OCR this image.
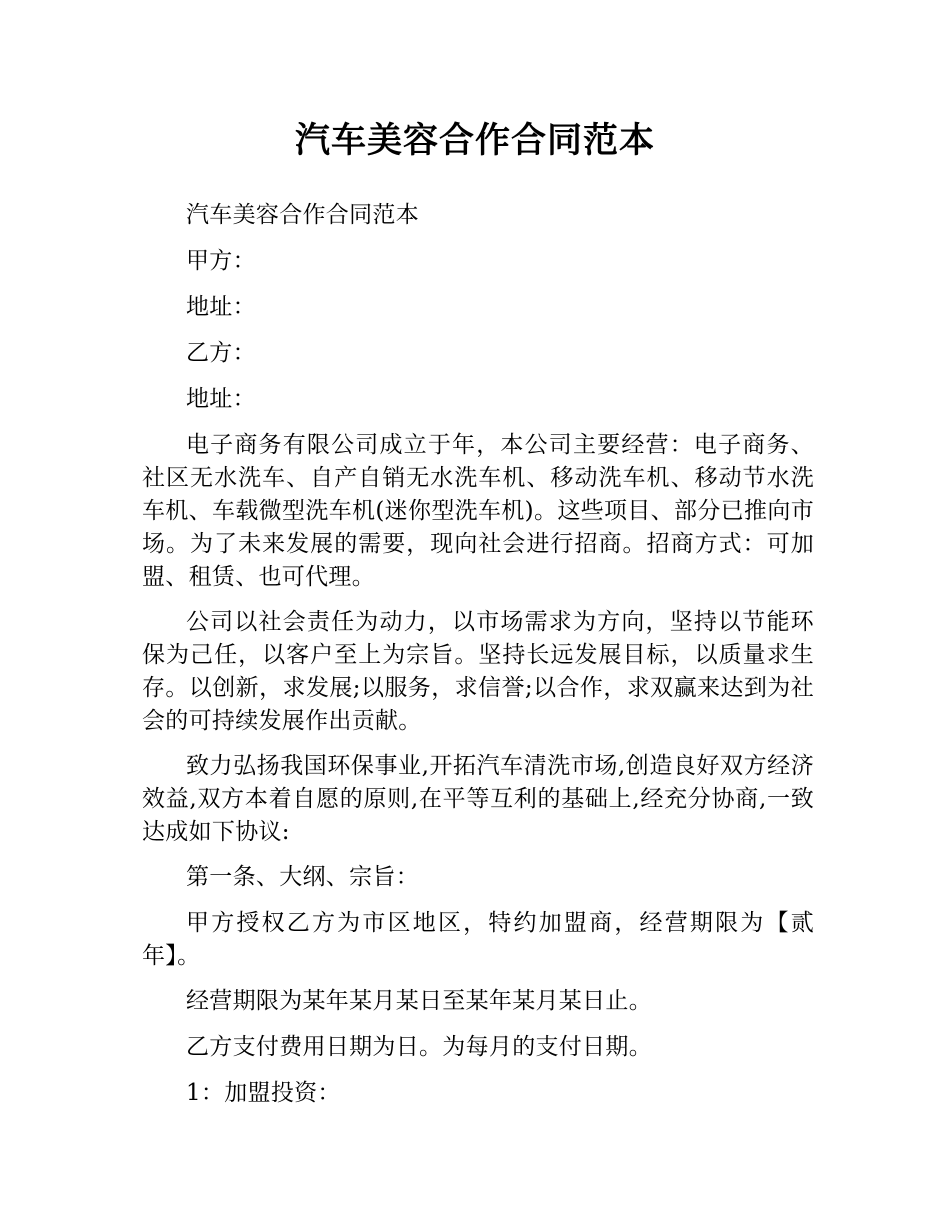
汽车美容合作合同范本

汽车美容合作合同范本

甲方：

地址：

乙方：

地址：

电子商务有限公司成立于年，本公司主要经营：电子商务、社区无水洗车、自产自销无水洗车机、移动洗车机、移动节水洗车机、车载微型洗车机(迷你型洗车机)。这些项目、部分已推向市场。为了未来发展的需要，现向社会进行招商。招商方式：可加盟、租赁、也可代理。

公司以社会责任为动力，以市场需求为方向，坚持以节能环保为己任，以客户至上为宗旨。坚持长远发展目标，以质量求生存。以创新，求发展;以服务，求信誉;以合作，求双赢来达到为社会的可持续发展作出贡献。

致力弘扬我国环保事业,开拓汽车清洗市场,创造良好双方经济效益,双方本着自愿的原则,在平等互利的基础上,经充分协商,一致达成如下协议:

第一条、大纲、宗旨：

甲方授权乙方为市区地区，特约加盟商，经营期限为【贰年】。

经营期限为某年某月某日至某年某月某日止。

乙方支付费用日期为日。为每月的支付日期。

1：加盟投资：
